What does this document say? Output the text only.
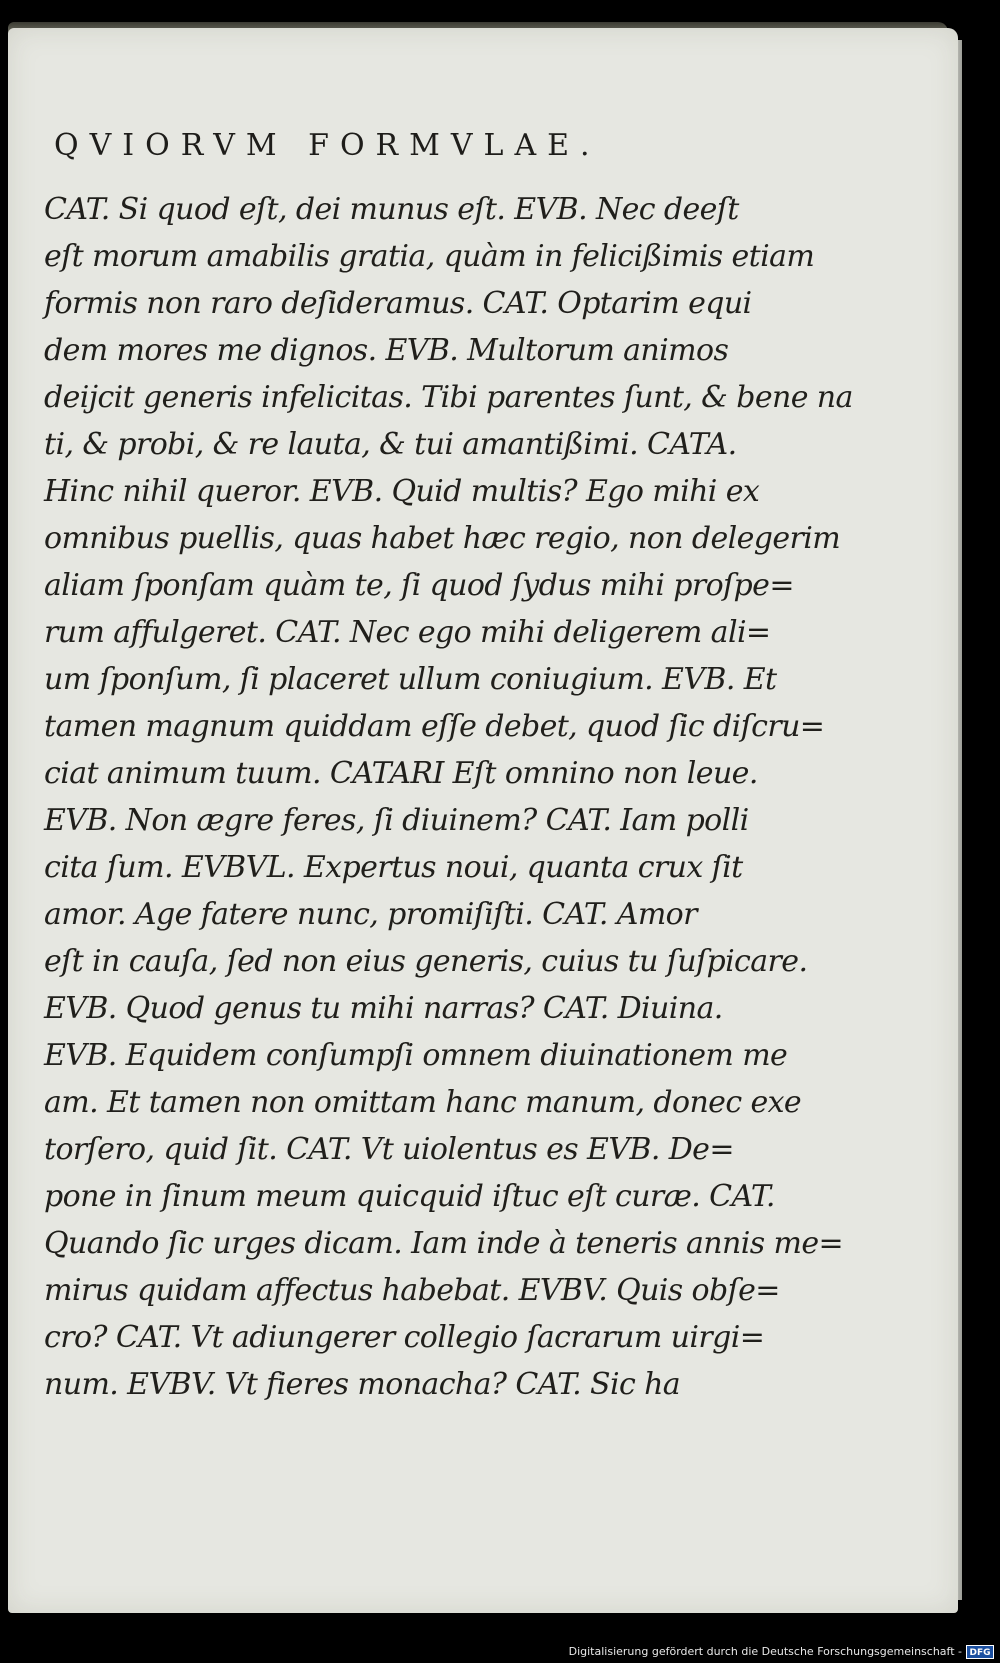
QVIORVM FORMVLAE.
CAT. Si quod eſt, dei munus eſt. EVB. Nec deeſt
eſt morum amabilis gratia, quàm in felicißimis etiam
formis non raro deſideramus. CAT. Optarim equi
dem mores me dignos. EVB. Multorum animos
deijcit generis infelicitas. Tibi parentes ſunt, & bene na
ti, & probi, & re lauta, & tui amantißimi. CATA.
Hinc nihil queror. EVB. Quid multis? Ego mihi ex
omnibus puellis, quas habet hæc regio, non delegerim
aliam ſponſam quàm te, ſi quod ſydus mihi proſpe=
rum affulgeret. CAT. Nec ego mihi deligerem ali=
um ſponſum, ſi placeret ullum coniugium. EVB. Et
tamen magnum quiddam eſſe debet, quod ſic diſcru=
ciat animum tuum. CATARI Eſt omnino non leue.
EVB. Non ægre feres, ſi diuinem? CAT. Iam polli
cita ſum. EVBVL. Expertus noui, quanta crux ſit
amor. Age fatere nunc, promiſiſti. CAT. Amor
eſt in cauſa, ſed non eius generis, cuius tu ſuſpicare.
EVB. Quod genus tu mihi narras? CAT. Diuina.
EVB. Equidem conſumpſi omnem diuinationem me
am. Et tamen non omittam hanc manum, donec exe
torſero, quid ſit. CAT. Vt uiolentus es EVB. De=
pone in ſinum meum quicquid iſtuc eſt curæ. CAT.
Quando ſic urges dicam. Iam inde à teneris annis me=
mirus quidam affectus habebat. EVBV. Quis obſe=
cro? CAT. Vt adiungerer collegio ſacrarum uirgi=
num. EVBV. Vt fieres monacha? CAT. Sic ha
Digitalisierung gefördert durch die Deutsche Forschungsgemeinschaft - DFG
